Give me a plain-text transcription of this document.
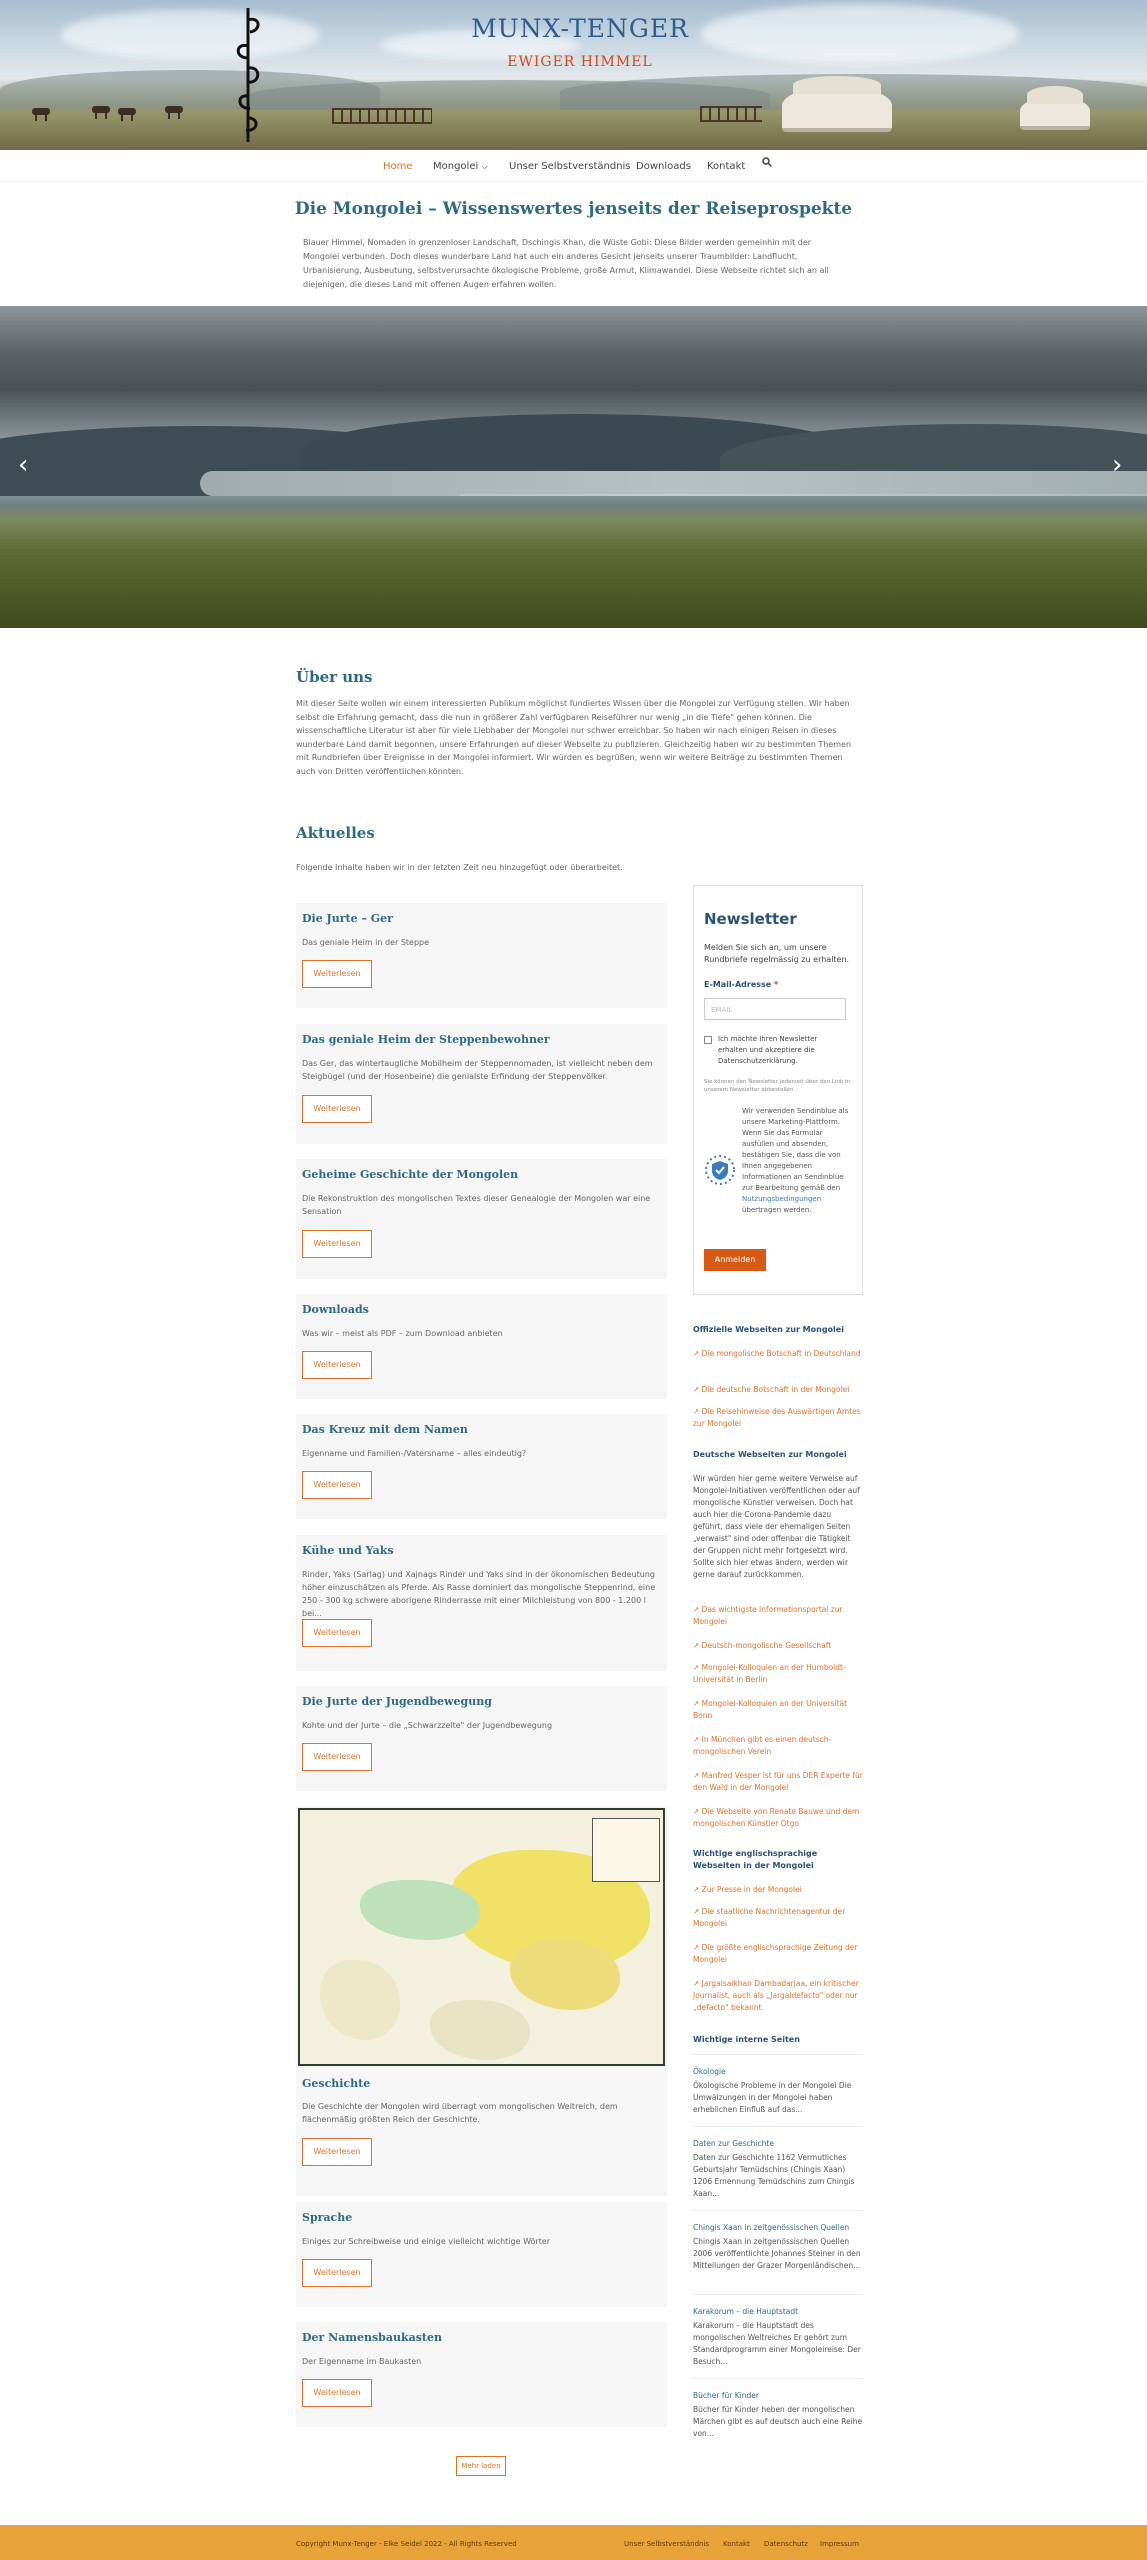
MUNX-TENGER
EWIGER HIMMEL
Home Mongolei ⌵ Unser Selbstverständnis Downloads Kontakt
Die Mongolei – Wissenswertes jenseits der Reiseprospekte

Blauer Himmel, Nomaden in grenzenloser Landschaft, Dschingis Khan, die Wüste Gobi: Diese Bilder werden gemeinhin mit der Mongolei verbunden. Doch dieses wunderbare Land hat auch ein anderes Gesicht jenseits unserer Traumbilder: Landflucht, Urbanisierung, Ausbeutung, selbstverursachte ökologische Probleme, große Armut, Klimawandel. Diese Webseite richtet sich an all diejenigen, die dieses Land mit offenen Augen erfahren wollen.

‹	›
Über uns

Mit dieser Seite wollen wir einem interessierten Publikum möglichst fundiertes Wissen über die Mongolei zur Verfügung stellen. Wir haben selbst die Erfahrung gemacht, dass die nun in größerer Zahl verfügbaren Reiseführer nur wenig „in die Tiefe" gehen können. Die wissenschaftliche Literatur ist aber für viele Liebhaber der Mongolei nur schwer erreichbar. So haben wir nach einigen Reisen in dieses wunderbare Land damit begonnen, unsere Erfahrungen auf dieser Webseite zu publizieren. Gleichzeitig haben wir zu bestimmten Themen mit Rundbriefen über Ereignisse in der Mongolei informiert. Wir würden es begrüßen, wenn wir weitere Beiträge zu bestimmten Themen auch von Dritten veröffentlichen könnten.

Aktuelles

Folgende Inhalte haben wir in der letzten Zeit neu hinzugefügt oder überarbeitet.

Die Jurte – Ger

Das geniale Heim in der Steppe

Weiterlesen
Das geniale Heim der Steppenbewohner

Das Ger, das wintertaugliche Mobilheim der Steppennomaden, ist vielleicht neben dem Steigbügel (und der Hosenbeine) die genialste Erfindung der Steppenvölker

Weiterlesen
Geheime Geschichte der Mongolen

Die Rekonstruktion des mongolischen Textes dieser Genealogie der Mongolen war eine Sensation

Weiterlesen
Downloads

Was wir – meist als PDF – zum Download anbieten

Weiterlesen
Das Kreuz mit dem Namen

Eigenname und Familien-/Vatersname – alles eindeutig?

Weiterlesen
Kühe und Yaks

Rinder, Yaks (Sarlag) und Xajnags Rinder und Yaks sind in der ökonomischen Bedeutung höher einzuschätzen als Pferde. Als Rasse dominiert das mongolische Steppenrind, eine 250 - 300 kg schwere aborigene Rinderrasse mit einer Milchleistung von 800 - 1.200 l bei...

Weiterlesen
Die Jurte der Jugendbewegung

Kohte und der Jurte – die „Schwarzzelte" der Jugendbewegung

Weiterlesen
Geschichte

Die Geschichte der Mongolen wird überragt vom mongolischen Weltreich, dem flächenmäßig größten Reich der Geschichte.

Weiterlesen
Sprache

Einiges zur Schreibweise und einige vielleicht wichtige Wörter

Weiterlesen
Der Namensbaukasten

Der Eigenname im Baukasten

Weiterlesen
Mehr laden
Newsletter
Melden Sie sich an, um unsere Rundbriefe regelmässig zu erhalten.
E-Mail-Adresse *
EMAIL
Ich möchte Ihren Newsletter erhalten und akzeptiere die Datenschutzerklärung.
Sie können den Newsletter jederzeit über den Link in unserem Newsletter abbestellen.
Wir verwenden Sendinblue als unsere Marketing-Plattform. Wenn Sie das Formular ausfüllen und absenden, bestätigen Sie, dass die von Ihnen angegebenen Informationen an Sendinblue zur Bearbeitung gemäß den Nutzungsbedingungen übertragen werden.
Anmelden
Offizielle Webseiten zur Mongolei
↗ Die mongolische Botschaft in Deutschland
↗ Die deutsche Botschaft in der Mongolei
↗ Die Reisehinweise des Auswärtigen Amtes zur Mongolei
Deutsche Webseiten zur Mongolei
Wir würden hier gerne weitere Verweise auf Mongolei-Initiativen veröffentlichen oder auf mongolische Künstler verweisen. Doch hat auch hier die Corona-Pandemie dazu geführt, dass viele der ehemaligen Seiten „verwaist" sind oder offenbar die Tätigkeit der Gruppen nicht mehr fortgesetzt wird. Sollte sich hier etwas ändern, werden wir gerne darauf zurückkommen.
↗ Das wichtigste Informationsportal zur Mongolei
↗ Deutsch-mongolische Gesellschaft
↗ Mongolei-Kolloquien an der Humboldt-Universität in Berlin
↗ Mongolei-Kolloquien an der Universität Bonn
↗ In München gibt es einen deutsch-mongolischen Verein
↗ Manfred Vesper ist für uns DER Experte für den Wald in der Mongolei
↗ Die Webseite von Renate Bauwe und dem mongolischen Künstler Otgo
Wichtige englischsprachige Webseiten in der Mongolei
↗ Zur Presse in der Mongolei
↗ Die staatliche Nachrichtenagentur der Mongolei
↗ Die größte englischsprachige Zeitung der Mongolei
↗ Jargalsaikhan Dambadarjaa, ein kritischer Journalist, auch als „Jargaldefacto" oder nur „defacto" bekannt.
Wichtige interne Seiten
Ökologie
Ökologische Probleme in der Mongolei Die Umwälzungen in der Mongolei haben erheblichen Einfluß auf das...
Daten zur Geschichte
Daten zur Geschichte 1162 Vermutliches Geburtsjahr Temüdschins (Chingis Xaan) 1206 Ernennung Temüdschins zum Chingis Xaan...
Chingis Xaan in zeitgenössischen Quellen
Chingis Xaan in zeitgenössischen Quellen 2006 veröffentlichte Johannes Steiner in den Mitteilungen der Grazer Morgenländischen...
Karakorum – die Hauptstadt
Karakorum – die Hauptstadt des mongolischen Weltreiches Er gehört zum Standardprogramm einer Mongoleireise: Der Besuch...
Bücher für Kinder
Bücher für Kinder heben der mongolischen Märchen gibt es auf deutsch auch eine Reihe von...
Copyright Munx-Tenger - Elke Seidel 2022 - All Rights Reserved	Unser Selbstverständnis Kontakt Datenschutz Impressum
